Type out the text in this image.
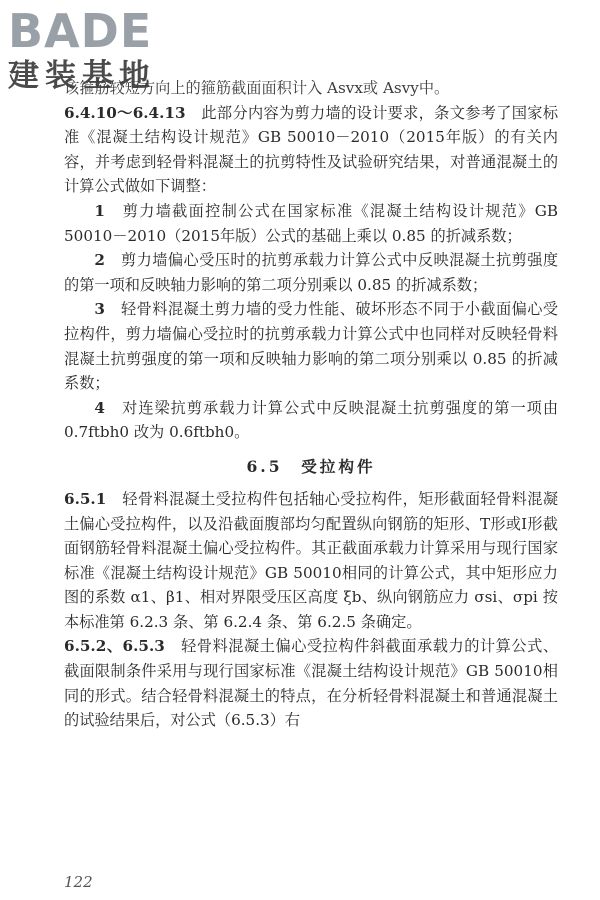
BADE
建装基地

该箍筋较短方向上的箍筋截面面积计入 Asvx或 Asvy中。

6.4.10～6.4.13　 此部分内容为剪力墙的设计要求，条文参考了国家标准《混凝土结构设计规范》GB 50010－2010（2015年版）的有关内容，并考虑到轻骨料混凝土的抗剪特性及试验研究结果，对普通混凝土的计算公式做如下调整：

1　 剪力墙截面控制公式在国家标准《混凝土结构设计规范》GB 50010－2010（2015年版）公式的基础上乘以 0.85 的折减系数；

2　 剪力墙偏心受压时的抗剪承载力计算公式中反映混凝土抗剪强度的第一项和反映轴力影响的第二项分别乘以 0.85 的折减系数；

3　 轻骨料混凝土剪力墙的受力性能、破坏形态不同于小截面偏心受拉构件，剪力墙偏心受拉时的抗剪承载力计算公式中也同样对反映轻骨料混凝土抗剪强度的第一项和反映轴力影响的第二项分别乘以 0.85 的折减系数；

4　 对连梁抗剪承载力计算公式中反映混凝土抗剪强度的第一项由 0.7ftbh0 改为 0.6ftbh0。

6.5　受拉构件

6.5.1　 轻骨料混凝土受拉构件包括轴心受拉构件，矩形截面轻骨料混凝土偏心受拉构件，以及沿截面腹部均匀配置纵向钢筋的矩形、T形或I形截面钢筋轻骨料混凝土偏心受拉构件。其正截面承载力计算采用与现行国家标准《混凝土结构设计规范》GB 50010相同的计算公式，其中矩形应力图的系数 α1、β1、相对界限受压区高度 ξb、纵向钢筋应力 σsi、σpi 按本标准第 6.2.3 条、第 6.2.4 条、第 6.2.5 条确定。

6.5.2、6.5.3　 轻骨料混凝土偏心受拉构件斜截面承载力的计算公式、截面限制条件采用与现行国家标准《混凝土结构设计规范》GB 50010相同的形式。结合轻骨料混凝土的特点，在分析轻骨料混凝土和普通混凝土的试验结果后，对公式（6.5.3）右

122
